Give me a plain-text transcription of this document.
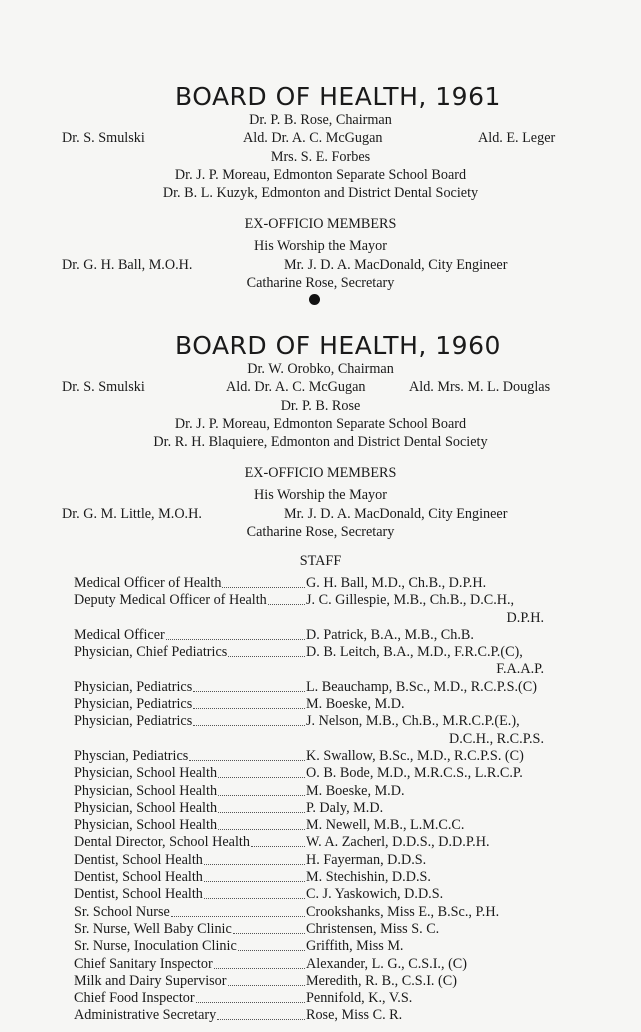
BOARD OF HEALTH, 1961
Dr. P. B. Rose, Chairman
Dr. S. Smulski	Ald. Dr. A. C. McGugan	Ald. E. Leger
Mrs. S. E. Forbes
Dr. J. P. Moreau, Edmonton Separate School Board
Dr. B. L. Kuzyk, Edmonton and District Dental Society
EX-OFFICIO MEMBERS
His Worship the Mayor
Dr. G. H. Ball, M.O.H.	Mr. J. D. A. MacDonald, City Engineer
Catharine Rose, Secretary
BOARD OF HEALTH, 1960
Dr. W. Orobko, Chairman
Dr. S. Smulski	Ald. Dr. A. C. McGugan	Ald. Mrs. M. L. Douglas
Dr. P. B. Rose
Dr. J. P. Moreau, Edmonton Separate School Board
Dr. R. H. Blaquiere, Edmonton and District Dental Society
EX-OFFICIO MEMBERS
His Worship the Mayor
Dr. G. M. Little, M.O.H.	Mr. J. D. A. MacDonald, City Engineer
Catharine Rose, Secretary
STAFF
Medical Officer of Health	G. H. Ball, M.D., Ch.B., D.P.H.
Deputy Medical Officer of Health	J. C. Gillespie, M.B., Ch.B., D.C.H.,
D.P.H.
Medical Officer	D. Patrick, B.A., M.B., Ch.B.
Physician, Chief Pediatrics	D. B. Leitch, B.A., M.D., F.R.C.P.(C),
F.A.A.P.
Physician, Pediatrics	L. Beauchamp, B.Sc., M.D., R.C.P.S.(C)
Physician, Pediatrics	M. Boeske, M.D.
Physician, Pediatrics	J. Nelson, M.B., Ch.B., M.R.C.P.(E.),
D.C.H., R.C.P.S.
Physcian, Pediatrics	K. Swallow, B.Sc., M.D., R.C.P.S. (C)
Physician, School Health	O. B. Bode, M.D., M.R.C.S., L.R.C.P.
Physician, School Health	M. Boeske, M.D.
Physician, School Health	P. Daly, M.D.
Physician, School Health	M. Newell, M.B., L.M.C.C.
Dental Director, School Health	W. A. Zacherl, D.D.S., D.D.P.H.
Dentist, School Health	H. Fayerman, D.D.S.
Dentist, School Health	M. Stechishin, D.D.S.
Dentist, School Health	C. J. Yaskowich, D.D.S.
Sr. School Nurse	Crookshanks, Miss E., B.Sc., P.H.
Sr. Nurse, Well Baby Clinic	Christensen, Miss S. C.
Sr. Nurse, Inoculation Clinic	Griffith, Miss M.
Chief Sanitary Inspector	Alexander, L. G., C.S.I., (C)
Milk and Dairy Supervisor	Meredith, R. B., C.S.I. (C)
Chief Food Inspector	Pennifold, K., V.S.
Administrative Secretary	Rose, Miss C. R.
